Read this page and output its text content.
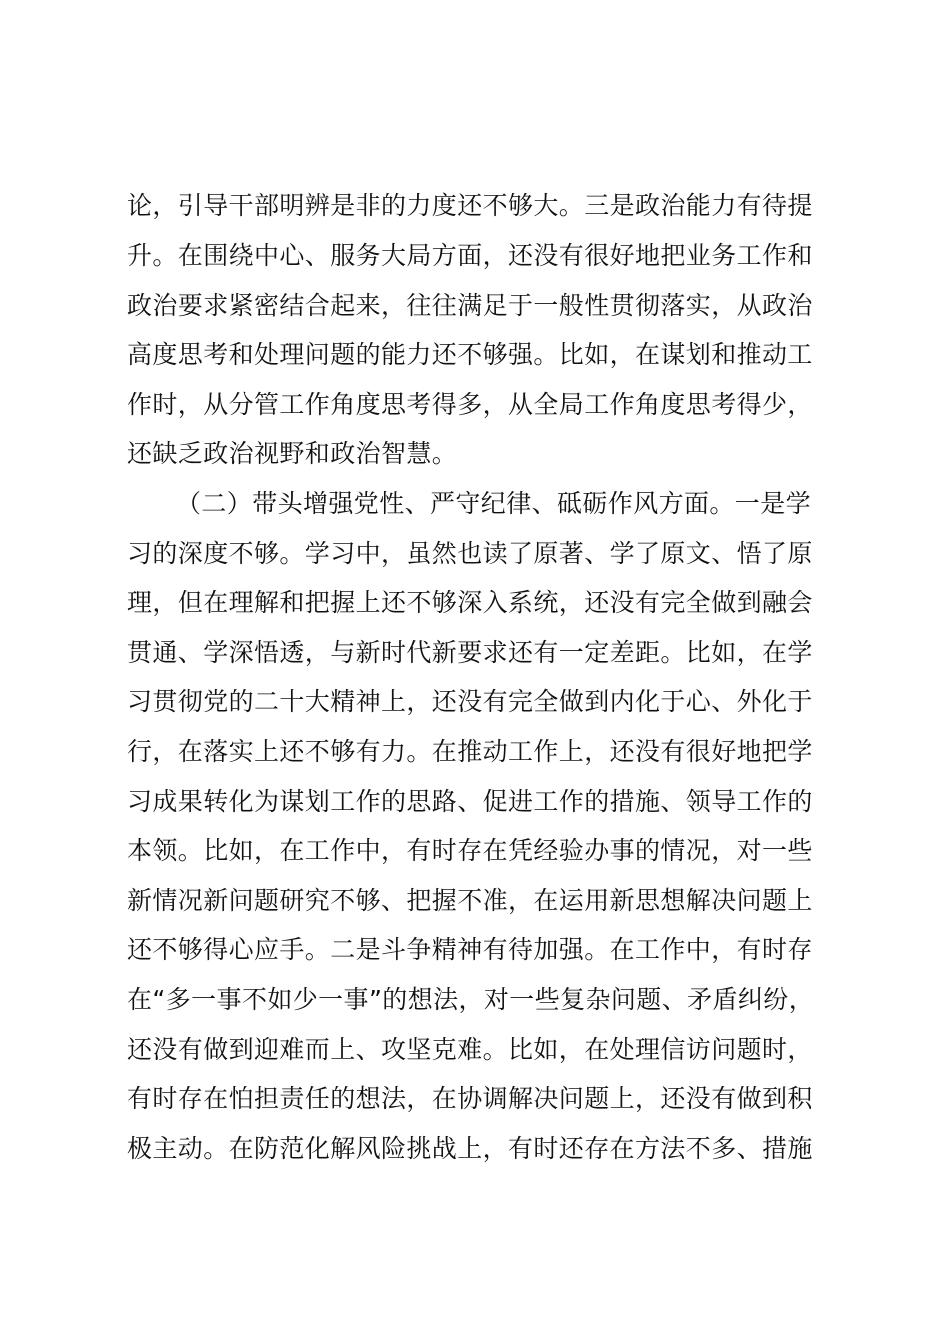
论，引导干部明辨是非的力度还不够大。三是政治能力有待提
升。在围绕中心、服务大局方面，还没有很好地把业务工作和
政治要求紧密结合起来，往往满足于一般性贯彻落实，从政治
高度思考和处理问题的能力还不够强。比如，在谋划和推动工
作时，从分管工作角度思考得多，从全局工作角度思考得少，
还缺乏政治视野和政治智慧。
（二）带头增强党性、严守纪律、砥砺作风方面。一是学
习的深度不够。学习中，虽然也读了原著、学了原文、悟了原
理，但在理解和把握上还不够深入系统，还没有完全做到融会
贯通、学深悟透，与新时代新要求还有一定差距。比如，在学
习贯彻党的二十大精神上，还没有完全做到内化于心、外化于
行，在落实上还不够有力。在推动工作上，还没有很好地把学
习成果转化为谋划工作的思路、促进工作的措施、领导工作的
本领。比如，在工作中，有时存在凭经验办事的情况，对一些
新情况新问题研究不够、把握不准，在运用新思想解决问题上
还不够得心应手。二是斗争精神有待加强。在工作中，有时存
在“多一事不如少一事”的想法，对一些复杂问题、矛盾纠纷，
还没有做到迎难而上、攻坚克难。比如，在处理信访问题时，
有时存在怕担责任的想法，在协调解决问题上，还没有做到积
极主动。在防范化解风险挑战上，有时还存在方法不多、措施
